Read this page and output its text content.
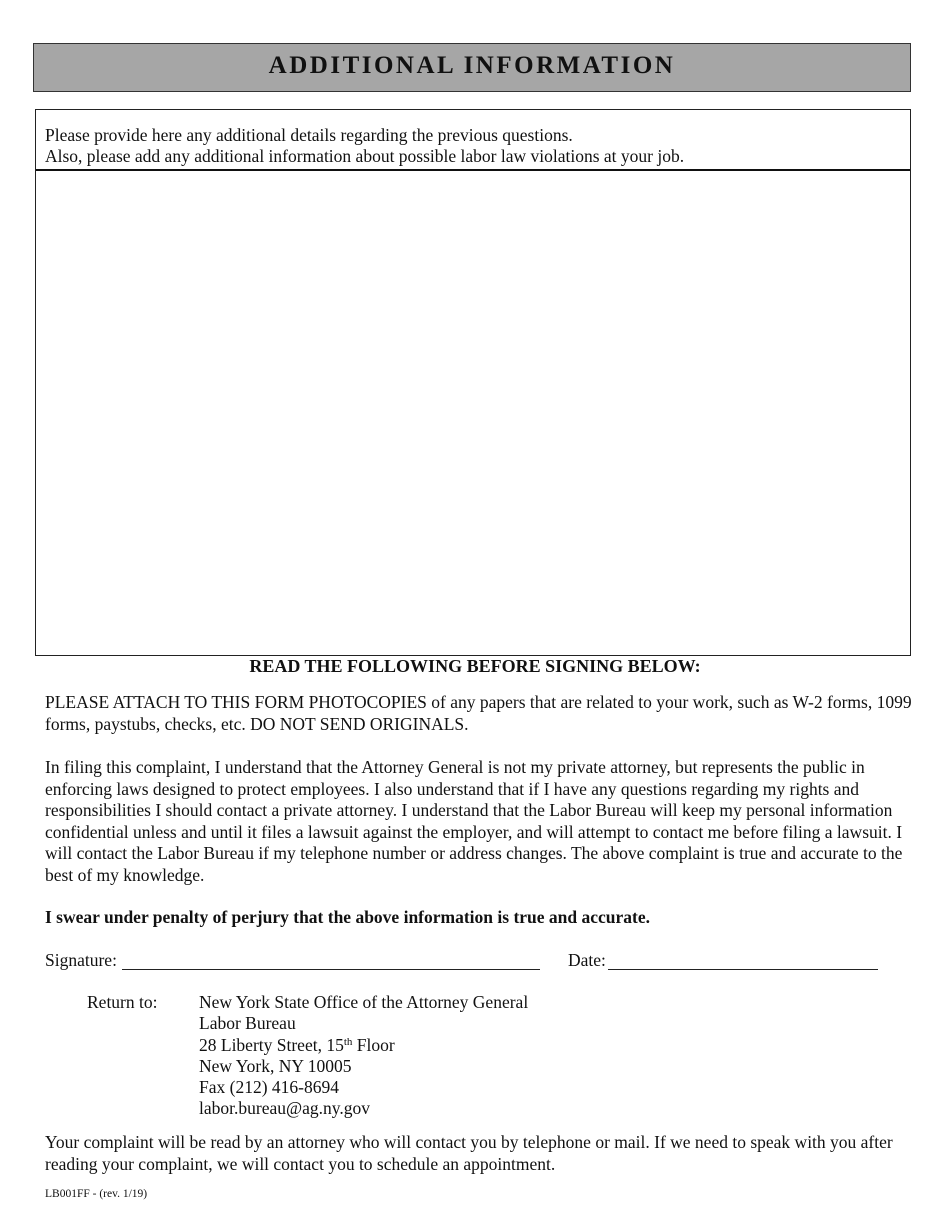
ADDITIONAL INFORMATION
Please provide here any additional details regarding the previous questions.
Also, please add any additional information about possible labor law violations at your job.
READ THE FOLLOWING BEFORE SIGNING BELOW:
PLEASE ATTACH TO THIS FORM PHOTOCOPIES of any papers that are related to your work, such as W-2 forms, 1099 forms, paystubs, checks, etc. DO NOT SEND ORIGINALS.
In filing this complaint, I understand that the Attorney General is not my private attorney, but represents the public in enforcing laws designed to protect employees. I also understand that if I have any questions regarding my rights and responsibilities I should contact a private attorney. I understand that the Labor Bureau will keep my personal information confidential unless and until it files a lawsuit against the employer, and will attempt to contact me before filing a lawsuit. I will contact the Labor Bureau if my telephone number or address changes. The above complaint is true and accurate to the best of my knowledge.
I swear under penalty of perjury that the above information is true and accurate.
Signature:	Date:
Return to: New York State Office of the Attorney General
Labor Bureau
28 Liberty Street, 15th Floor
New York, NY 10005
Fax (212) 416-8694
labor.bureau@ag.ny.gov
Your complaint will be read by an attorney who will contact you by telephone or mail. If we need to speak with you after reading your complaint, we will contact you to schedule an appointment.
LB001FF - (rev. 1/19)
